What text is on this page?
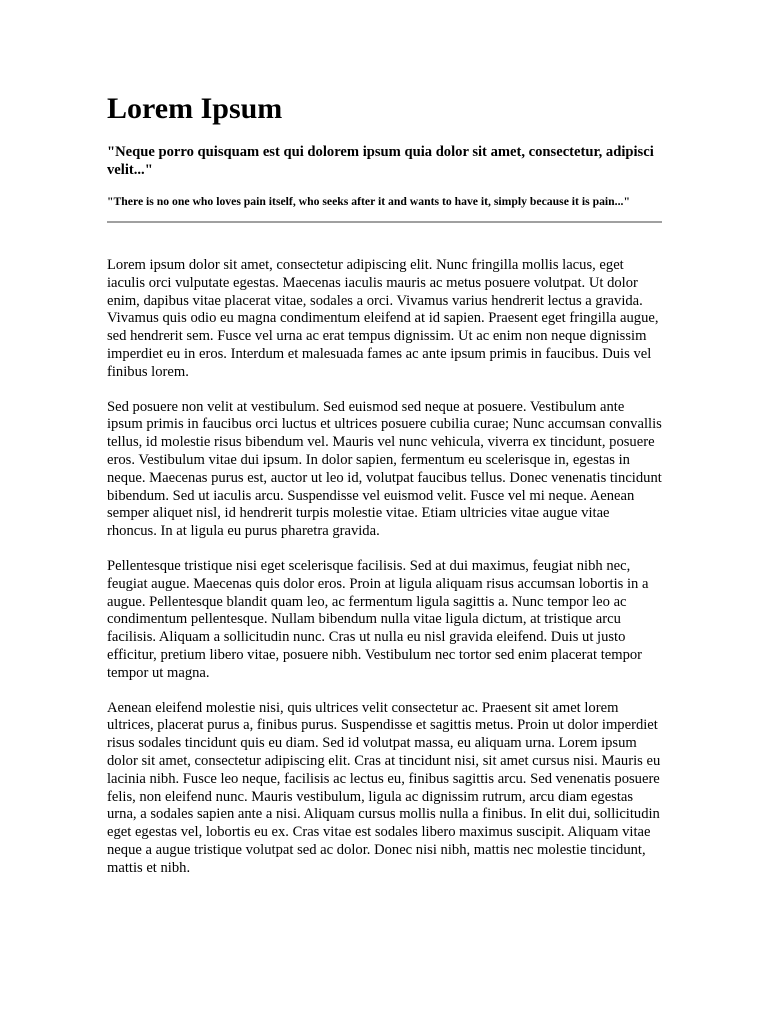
Lorem Ipsum
"Neque porro quisquam est qui dolorem ipsum quia dolor sit amet, consectetur, adipisci velit..."
"There is no one who loves pain itself, who seeks after it and wants to have it, simply because it is pain..."

Lorem ipsum dolor sit amet, consectetur adipiscing elit. Nunc fringilla mollis lacus, eget iaculis orci vulputate egestas. Maecenas iaculis mauris ac metus posuere volutpat. Ut dolor enim, dapibus vitae placerat vitae, sodales a orci. Vivamus varius hendrerit lectus a gravida. Vivamus quis odio eu magna condimentum eleifend at id sapien. Praesent eget fringilla augue, sed hendrerit sem. Fusce vel urna ac erat tempus dignissim. Ut ac enim non neque dignissim imperdiet eu in eros. Interdum et malesuada fames ac ante ipsum primis in faucibus. Duis vel finibus lorem.

Sed posuere non velit at vestibulum. Sed euismod sed neque at posuere. Vestibulum ante ipsum primis in faucibus orci luctus et ultrices posuere cubilia curae; Nunc accumsan convallis tellus, id molestie risus bibendum vel. Mauris vel nunc vehicula, viverra ex tincidunt, posuere eros. Vestibulum vitae dui ipsum. In dolor sapien, fermentum eu scelerisque in, egestas in neque. Maecenas purus est, auctor ut leo id, volutpat faucibus tellus. Donec venenatis tincidunt bibendum. Sed ut iaculis arcu. Suspendisse vel euismod velit. Fusce vel mi neque. Aenean semper aliquet nisl, id hendrerit turpis molestie vitae. Etiam ultricies vitae augue vitae rhoncus. In at ligula eu purus pharetra gravida.

Pellentesque tristique nisi eget scelerisque facilisis. Sed at dui maximus, feugiat nibh nec, feugiat augue. Maecenas quis dolor eros. Proin at ligula aliquam risus accumsan lobortis in a augue. Pellentesque blandit quam leo, ac fermentum ligula sagittis a. Nunc tempor leo ac condimentum pellentesque. Nullam bibendum nulla vitae ligula dictum, at tristique arcu facilisis. Aliquam a sollicitudin nunc. Cras ut nulla eu nisl gravida eleifend. Duis ut justo efficitur, pretium libero vitae, posuere nibh. Vestibulum nec tortor sed enim placerat tempor tempor ut magna.

Aenean eleifend molestie nisi, quis ultrices velit consectetur ac. Praesent sit amet lorem ultrices, placerat purus a, finibus purus. Suspendisse et sagittis metus. Proin ut dolor imperdiet risus sodales tincidunt quis eu diam. Sed id volutpat massa, eu aliquam urna. Lorem ipsum dolor sit amet, consectetur adipiscing elit. Cras at tincidunt nisi, sit amet cursus nisi. Mauris eu lacinia nibh. Fusce leo neque, facilisis ac lectus eu, finibus sagittis arcu. Sed venenatis posuere felis, non eleifend nunc. Mauris vestibulum, ligula ac dignissim rutrum, arcu diam egestas urna, a sodales sapien ante a nisi. Aliquam cursus mollis nulla a finibus. In elit dui, sollicitudin eget egestas vel, lobortis eu ex. Cras vitae est sodales libero maximus suscipit. Aliquam vitae neque a augue tristique volutpat sed ac dolor. Donec nisi nibh, mattis nec molestie tincidunt, mattis et nibh.
